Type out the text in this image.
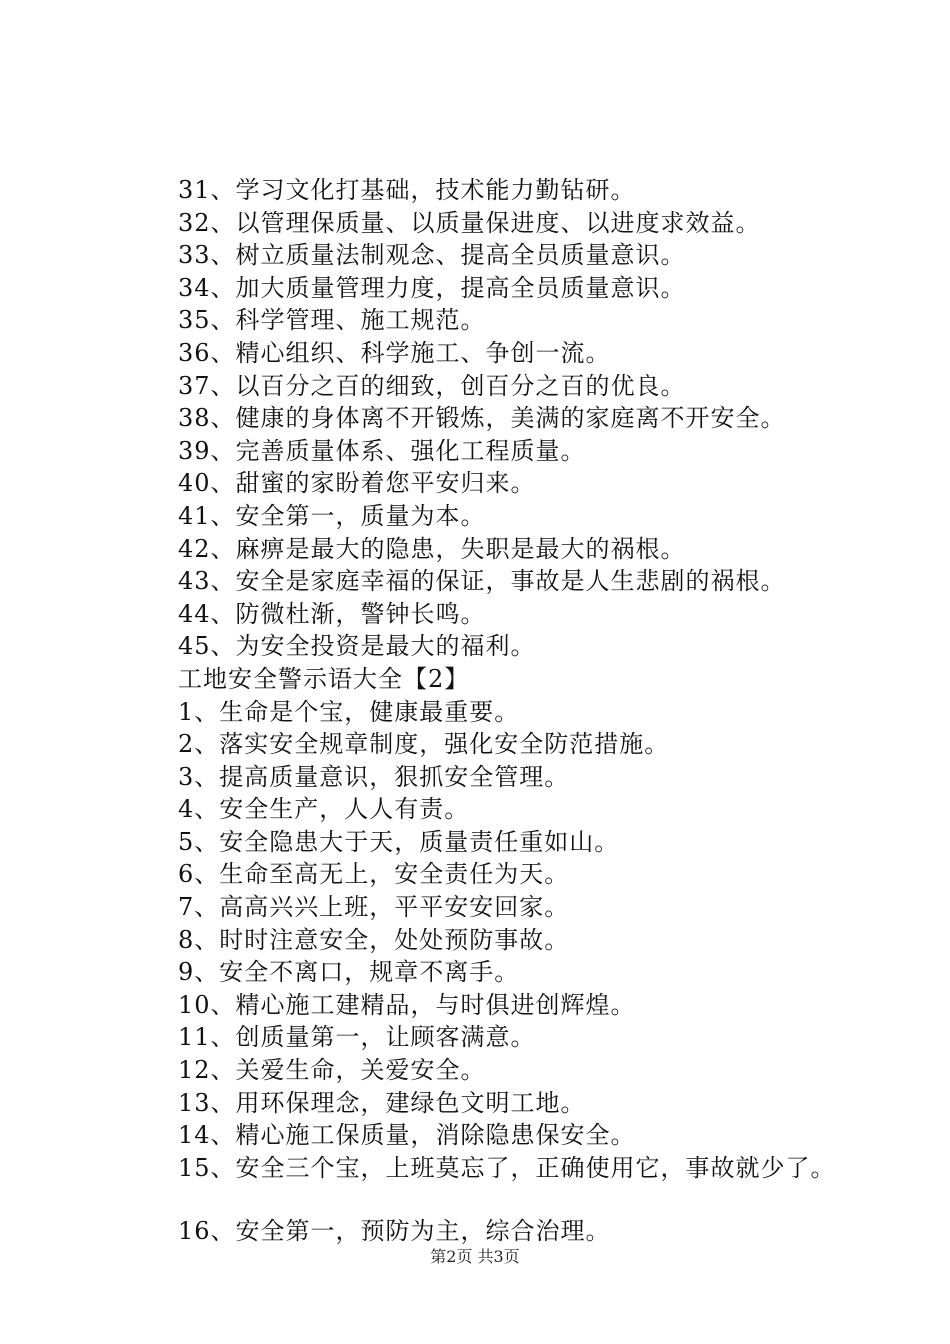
31、学习文化打基础，技术能力勤钻研。
32、以管理保质量、以质量保进度、以进度求效益。
33、树立质量法制观念、提高全员质量意识。
34、加大质量管理力度，提高全员质量意识。
35、科学管理、施工规范。
36、精心组织、科学施工、争创一流。
37、以百分之百的细致，创百分之百的优良。
38、健康的身体离不开锻炼，美满的家庭离不开安全。
39、完善质量体系、强化工程质量。
40、甜蜜的家盼着您平安归来。
41、安全第一，质量为本。
42、麻痹是最大的隐患，失职是最大的祸根。
43、安全是家庭幸福的保证，事故是人生悲剧的祸根。
44、防微杜渐，警钟长鸣。
45、为安全投资是最大的福利。
工地安全警示语大全【2】
1、生命是个宝，健康最重要。
2、落实安全规章制度，强化安全防范措施。
3、提高质量意识，狠抓安全管理。
4、安全生产，人人有责。
5、安全隐患大于天，质量责任重如山。
6、生命至高无上，安全责任为天。
7、高高兴兴上班，平平安安回家。
8、时时注意安全，处处预防事故。
9、安全不离口，规章不离手。
10、精心施工建精品，与时俱进创辉煌。
11、创质量第一，让顾客满意。
12、关爱生命，关爱安全。
13、用环保理念，建绿色文明工地。
14、精心施工保质量，消除隐患保安全。
15、安全三个宝，上班莫忘了，正确使用它，事故就少了。
16、安全第一，预防为主，综合治理。
第2页 共3页
